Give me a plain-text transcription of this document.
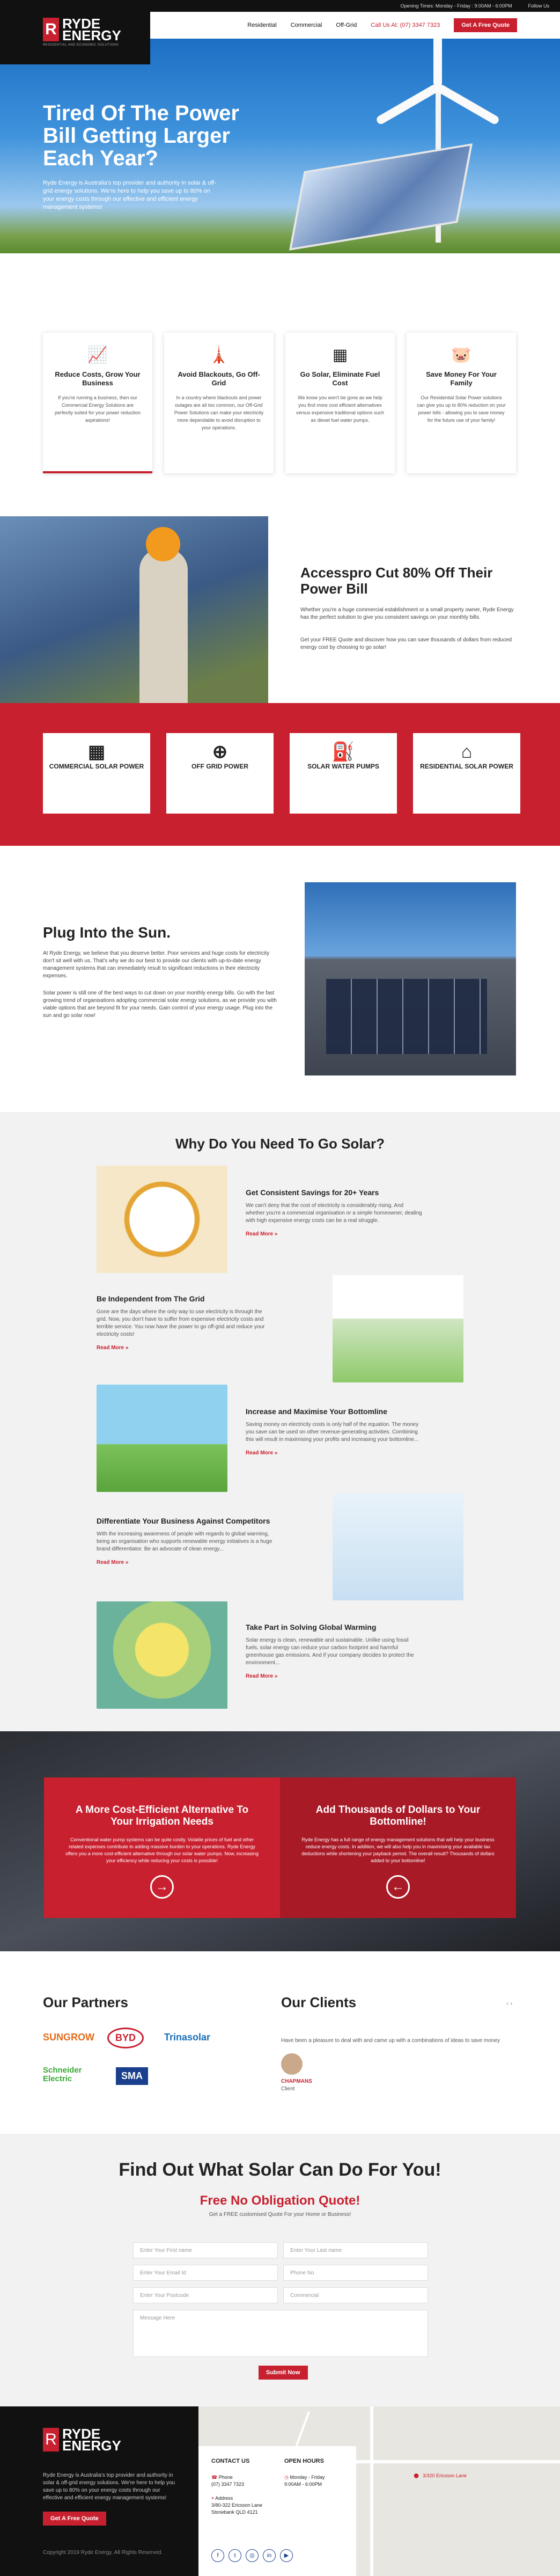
Opening Times: Monday - Friday : 9:00AM - 6:00PM	Follow Us
R RYDE ENERGY
RESIDENTIAL AND ECONOMIC SOLUTIONS
Residential Commercial Off-Grid Call Us At: (07) 3347 7323	Get A Free Quote
Tired Of The Power Bill Getting Larger Each Year?

Ryde Energy is Australia's top provider and authority in solar & off-grid energy solutions. We're here to help you save up to 80% on your energy costs through our effective and efficient energy management systems!

📈
Reduce Costs, Grow Your Business
If you're running a business, then our Commercial Energy Solutions are perfectly suited for your power reduction aspirations!
🗼
Avoid Blackouts, Go Off-Grid
In a country where blackouts and power outages are all too common, our Off-Grid Power Solutions can make your electricity more dependable to avoid disruption to your operations.
▦
Go Solar, Eliminate Fuel Cost
We know you won't be gone as we help you find more cost efficient alternatives versus expensive traditional options such as diesel fuel water pumps.
🐷
Save Money For Your Family
Our Residential Solar Power solutions can give you up to 80% reduction on your power bills - allowing you to save money for the future use of your family!
Accesspro Cut 80% Off Their Power Bill

Whether you're a huge commercial establishment or a small property owner, Ryde Energy has the perfect solution to give you consistent savings on your monthly bills.

Get your FREE Quote and discover how you can save thousands of dollars from reduced energy cost by choosing to go solar!

▦
COMMERCIAL SOLAR POWER
⊕
OFF GRID POWER
⛽
SOLAR WATER PUMPS
⌂
RESIDENTIAL SOLAR POWER
Plug Into the Sun.

At Ryde Energy, we believe that you deserve better. Poor services and huge costs for electricity don't sit well with us. That's why we do our best to provide our clients with up-to-date energy management systems that can immediately result to significant reductions in their electricity expenses.

Solar power is still one of the best ways to cut down on your monthly energy bills. Go with the fast growing trend of organisations adopting commercial solar energy solutions, as we provide you with viable options that are beyond fit for your needs. Gain control of your energy usage. Plug into the sun and go solar now!

Why Do You Need To Go Solar?
Get Consistent Savings for 20+ Years
We can't deny that the cost of electricity is considerably rising. And whether you're a commercial organisation or a simple homeowner, dealing with high expensive energy costs can be a real struggle.
Read More »
Be Independent from The Grid
Gone are the days where the only way to use electricity is through the grid. Now, you don't have to suffer from expensive electricity costs and terrible service. You now have the power to go off-grid and reduce your electricity costs!
Read More »
Increase and Maximise Your Bottomline
Saving money on electricity costs is only half of the equation. The money you save can be used on other revenue-generating activities. Combining this will result in maximising your profits and increasing your bottomline...
Read More »
Differentiate Your Business Against Competitors
With the increasing awareness of people with regards to global warming, being an organisation who supports renewable energy initiatives is a huge brand differentiator. Be an advocate of clean energy...
Read More »
Take Part in Solving Global Warming
Solar energy is clean, renewable and sustainable. Unlike using fossil fuels, solar energy can reduce your carbon footprint and harmful greenhouse gas emissions. And if your company decides to protect the environment...
Read More »
A More Cost-Efficient Alternative To Your Irrigation Needs

Conventional water pump systems can be quite costly. Volatile prices of fuel and other related expenses contribute to adding massive burden to your operations. Ryde Energy offers you a more cost-efficient alternative through our solar water pumps. Now, increasing your efficiency while reducing your costs is possible!

→
Add Thousands of Dollars to Your Bottomline!

Ryde Energy has a full range of energy management solutions that will help your business reduce energy costs. In addition, we will also help you in maximising your available tax deductions while shortening your payback period. The overall result? Thousands of dollars added to your bottomline!

←
Our Partners
SUNGROW	BYD	Trinasolar
Schneider Electric	SMA
Our Clients	‹ ›

Have been a pleasure to deal with and came up with a combinations of ideas to save money

CHAPMANS
Client
Find Out What Solar Can Do For You!
Free No Obligation Quote!
Get a FREE customised Quote For your Home or Business!
Enter Your First name	Enter Your Last name
Enter Your Email Id	Phone No
Enter Your Postcode	Commercial
Message Here
Submit Now
● 3/320 Ericsson Lane
R RYDE ENERGY

Ryde Energy is Australia's top provider and authority in solar & off-grid energy solutions. We're here to help you save up to 80% on your energy costs through our effective and efficient energy management systems!

Get A Free Quote

Copyright 2019 Ryde Energy. All Rights Reserved.

CONTACT US
☎ Phone
(07) 3347 7323

⌖ Address
3/80-322 Ericsson Lane Stonebank QLD 4121
OPEN HOURS
◷ Monday - Friday
9:00AM - 6:00PM
f	t	◎	in	▶
